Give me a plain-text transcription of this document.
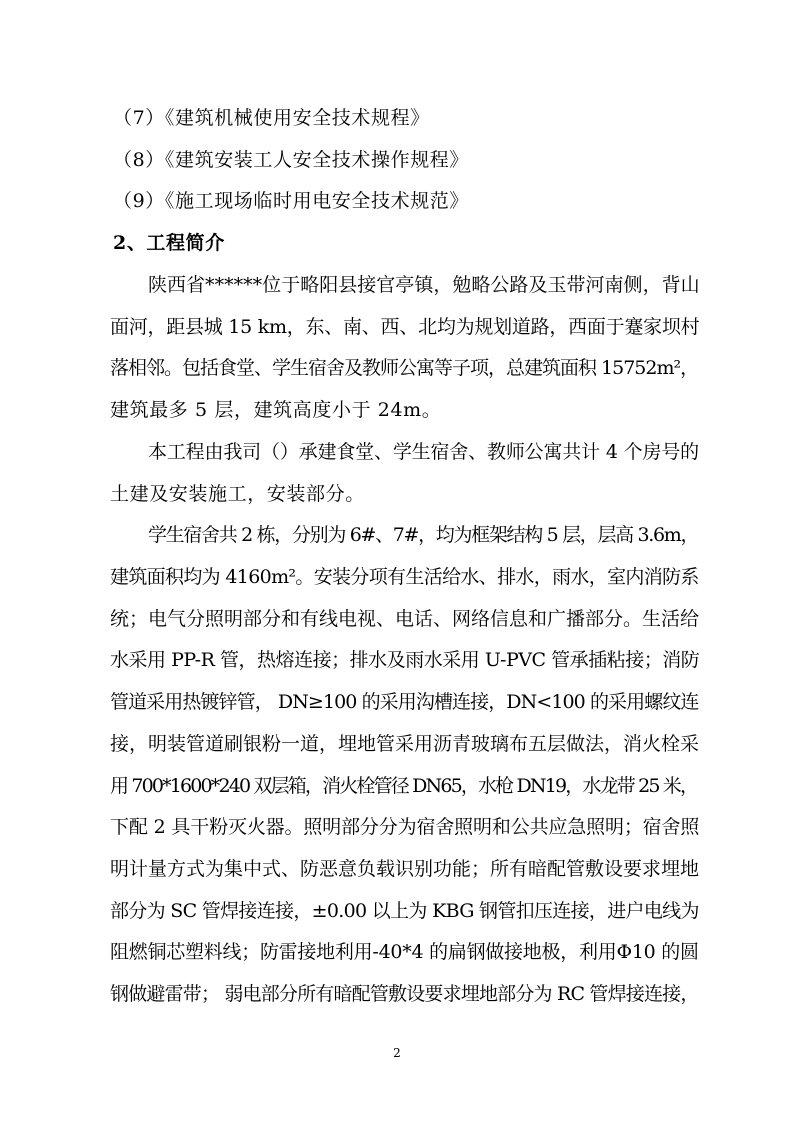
（7）《建筑机械使用安全技术规程》
（8）《建筑安装工人安全技术操作规程》
（9）《施工现场临时用电安全技术规范》
2、工程简介
陕西省******位于略阳县接官亭镇，勉略公路及玉带河南侧，背山
面河，距县城 15 km，东、南、西、北均为规划道路，西面于蹇家坝村
落相邻。包括食堂、学生宿舍及教师公寓等子项，总建筑面积 15752m²，
建筑最多 5 层，建筑高度小于 24m。
本工程由我司（）承建食堂、学生宿舍、教师公寓共计 4 个房号的
土建及安装施工，安装部分。
学生宿舍共 2 栋，分别为 6#、7#，均为框架结构 5 层，层高 3.6m，
建筑面积均为 4160m²。安装分项有生活给水、排水，雨水，室内消防系
统；电气分照明部分和有线电视、电话、网络信息和广播部分。生活给
水采用 PP-R 管，热熔连接；排水及雨水采用 U-PVC 管承插粘接；消防
管道采用热镀锌管， DN≥100 的采用沟槽连接，DN<100 的采用螺纹连
接，明装管道刷银粉一道，埋地管采用沥青玻璃布五层做法，消火栓采
用 700*1600*240 双层箱，消火栓管径 DN65，水枪 DN19，水龙带 25 米，
下配 2 具干粉灭火器。照明部分分为宿舍照明和公共应急照明；宿舍照
明计量方式为集中式、防恶意负载识别功能；所有暗配管敷设要求埋地
部分为 SC 管焊接连接，±0.00 以上为 KBG 钢管扣压连接，进户电线为
阻燃铜芯塑料线；防雷接地利用-40*4 的扁钢做接地极，利用Φ10 的圆
钢做避雷带； 弱电部分所有暗配管敷设要求埋地部分为 RC 管焊接连接，
2
